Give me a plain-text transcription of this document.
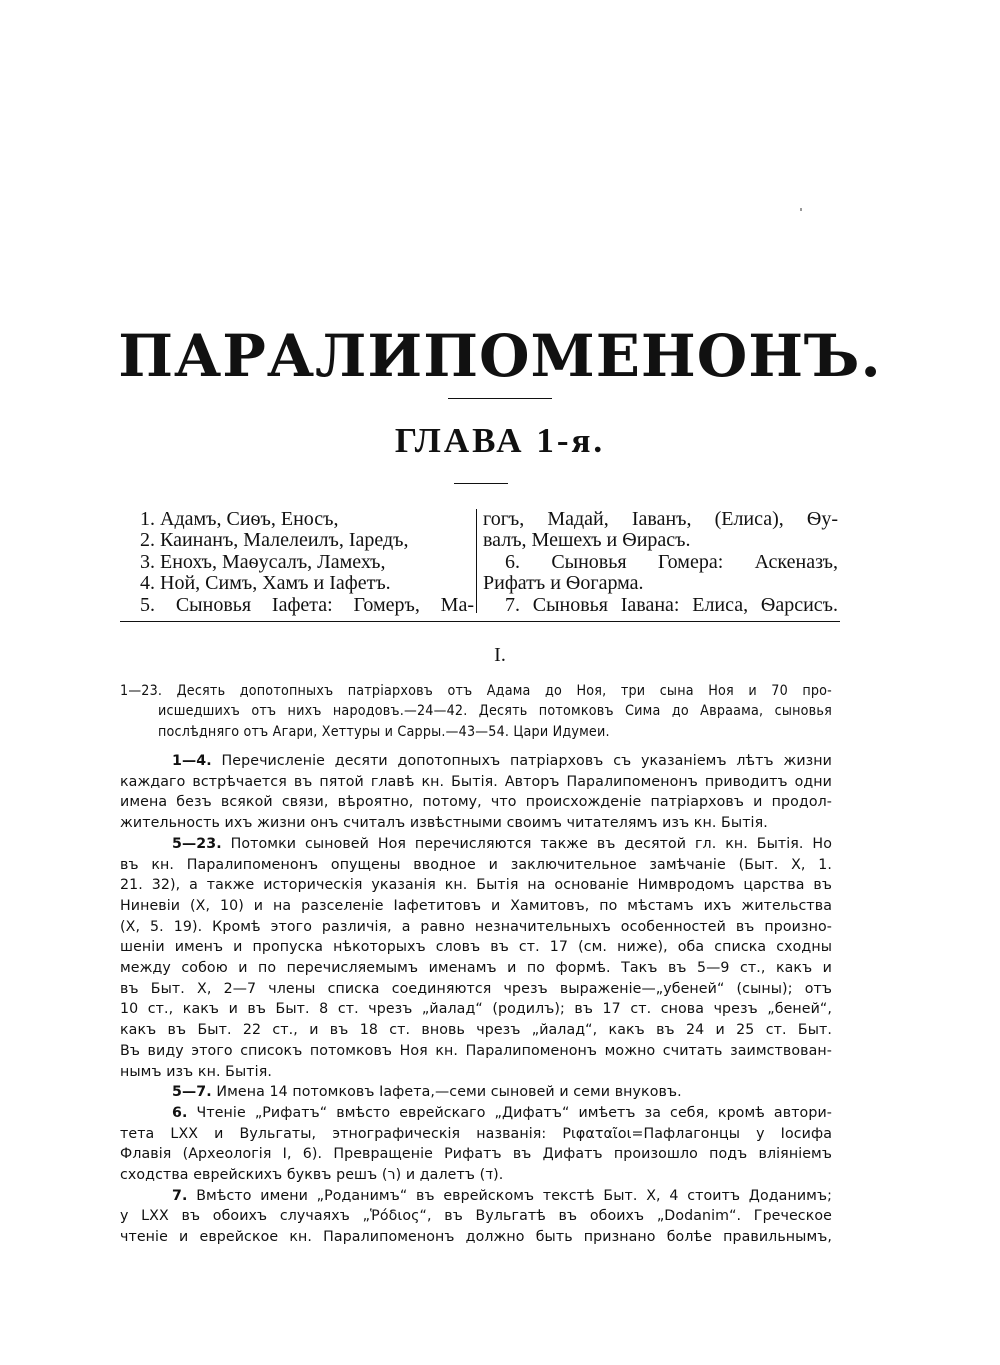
ПАРАЛИПОМЕНОНЪ.
ГЛАВА 1-я.
1. Адамъ, Сиѳъ, Еносъ,
2. Каинанъ, Малелеилъ, Іаредъ,
3. Енохъ, Маѳусалъ, Ламехъ,
4. Ной, Симъ, Хамъ и Іафетъ.
5. Сыновья Іафета: Гомеръ, Ма-
гогъ, Мадай, Іаванъ, (Елиса), Ѳу-
валъ, Мешехъ и Ѳирасъ.
6. Сыновья Гомера: Аскеназъ,
Рифатъ и Ѳогарма.
7. Сыновья Іавана: Елиса, Ѳарсисъ.
I.
1—23. Десять допотопныхъ патріарховъ отъ Адама до Ноя, три сына Ноя и 70 про-
исшедшихъ отъ нихъ народовъ.—24—42. Десять потомковъ Сима до Авраама, сыновья
послѣдняго отъ Агари, Хеттуры и Сарры.—43—54. Цари Идумеи.
1—4. Перечисленіе десяти допотопныхъ патріарховъ съ указаніемъ лѣтъ жизни
каждаго встрѣчается въ пятой главѣ кн. Бытія. Авторъ Паралипоменонъ приводитъ одни
имена безъ всякой связи, вѣроятно, потому, что происхожденіе патріарховъ и продол-
жительность ихъ жизни онъ считалъ извѣстными своимъ читателямъ изъ кн. Бытія.
5—23. Потомки сыновей Ноя перечисляются также въ десятой гл. кн. Бытія. Но
въ кн. Паралипоменонъ опущены вводное и заключительное замѣчаніе (Быт. X, 1.
21. 32), а также историческія указанія кн. Бытія на основаніе Нимвродомъ царства въ
Ниневіи (X, 10) и на разселеніе Іафетитовъ и Хамитовъ, по мѣстамъ ихъ жительства
(X, 5. 19). Кромѣ этого различія, а равно незначительныхъ особенностей въ произно-
шеніи именъ и пропуска нѣкоторыхъ словъ въ ст. 17 (см. ниже), оба списка сходны
между собою и по перечисляемымъ именамъ и по формѣ. Такъ въ 5—9 ст., какъ и
въ Быт. X, 2—7 члены списка соединяются чрезъ выраженіе—„убеней“ (сыны); отъ
10 ст., какъ и въ Быт. 8 ст. чрезъ „йалад“ (родилъ); въ 17 ст. снова чрезъ „беней“,
какъ въ Быт. 22 ст., и въ 18 ст. вновь чрезъ „йалад“, какъ въ 24 и 25 ст. Быт.
Въ виду этого списокъ потомковъ Ноя кн. Паралипоменонъ можно считать заимствован-
нымъ изъ кн. Бытія.
5—7. Имена 14 потомковъ Іафета,—семи сыновей и семи внуковъ.
6. Чтеніе „Рифатъ“ вмѣсто еврейскаго „Дифатъ“ имѣетъ за себя, кромѣ автори-
тета LXX и Вульгаты, этнографическія названія: Ριφαταῖοι=Пафлагонцы у Іосифа
Флавія (Археологія I, 6). Превращеніе Рифатъ въ Дифатъ произошло подъ вліяніемъ
сходства еврейскихъ буквъ решъ (ר) и далетъ (ד).
7. Вмѣсто имени „Роданимъ“ въ еврейскомъ текстѣ Быт. X, 4 стоитъ Доданимъ;
у LXX въ обоихъ случаяхъ „Ῥόδιος“, въ Вульгатѣ въ обоихъ „Dodanim“. Греческое
чтеніе и еврейское кн. Паралипоменонъ должно быть признано болѣе правильнымъ,
